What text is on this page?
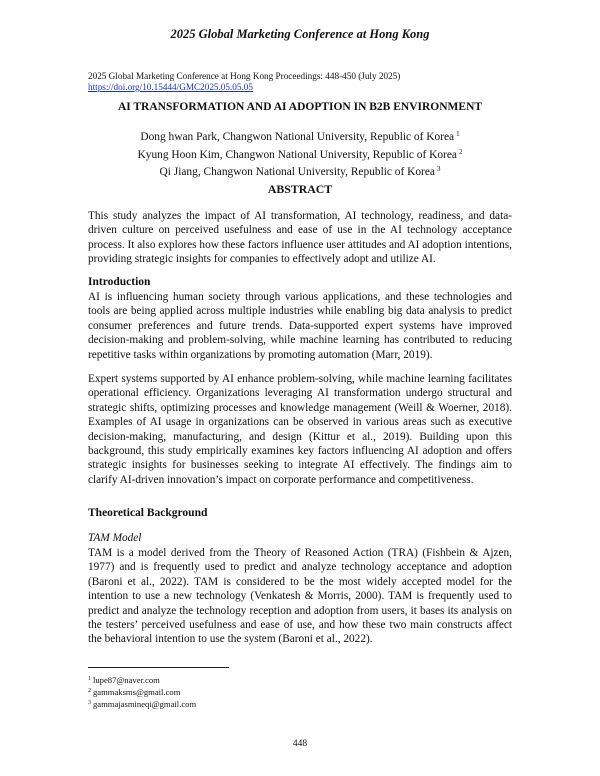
2025 Global Marketing Conference at Hong Kong
2025 Global Marketing Conference at Hong Kong Proceedings: 448-450 (July 2025)
https://doi.org/10.15444/GMC2025.05.05.05
AI TRANSFORMATION AND AI ADOPTION IN B2B ENVIRONMENT
Dong hwan Park, Changwon National University, Republic of Korea $^1$
Kyung Hoon Kim, Changwon National University, Republic of Korea $^2$
Qi Jiang, Changwon National University, Republic of Korea $^3$
ABSTRACT
This study analyzes the impact of AI transformation, AI technology, readiness, and data-driven culture on perceived usefulness and ease of use in the AI technology acceptance process. It also explores how these factors influence user attitudes and AI adoption intentions, providing strategic insights for companies to effectively adopt and utilize AI.
Introduction
AI is influencing human society through various applications, and these technologies and tools are being applied across multiple industries while enabling big data analysis to predict consumer preferences and future trends. Data-supported expert systems have improved decision-making and problem-solving, while machine learning has contributed to reducing repetitive tasks within organizations by promoting automation (Marr, 2019).
Expert systems supported by AI enhance problem-solving, while machine learning facilitates operational efficiency. Organizations leveraging AI transformation undergo structural and strategic shifts, optimizing processes and knowledge management (Weill & Woerner, 2018). Examples of AI usage in organizations can be observed in various areas such as executive decision-making, manufacturing, and design (Kittur et al., 2019). Building upon this background, this study empirically examines key factors influencing AI adoption and offers strategic insights for businesses seeking to integrate AI effectively. The findings aim to clarify AI-driven innovation’s impact on corporate performance and competitiveness.
Theoretical Background
TAM Model
TAM is a model derived from the Theory of Reasoned Action (TRA) (Fishbein & Ajzen, 1977) and is frequently used to predict and analyze technology acceptance and adoption (Baroni et al., 2022). TAM is considered to be the most widely accepted model for the intention to use a new technology (Venkatesh & Morris, 2000). TAM is frequently used to predict and analyze the technology reception and adoption from users, it bases its analysis on the testers’ perceived usefulness and ease of use, and how these two main constructs affect the behavioral intention to use the system (Baroni et al., 2022).
$^1$ lupe87@naver.com
$^2$ gammaksms@gmail.com
$^3$ gammajasmineqi@gmail.com
448
